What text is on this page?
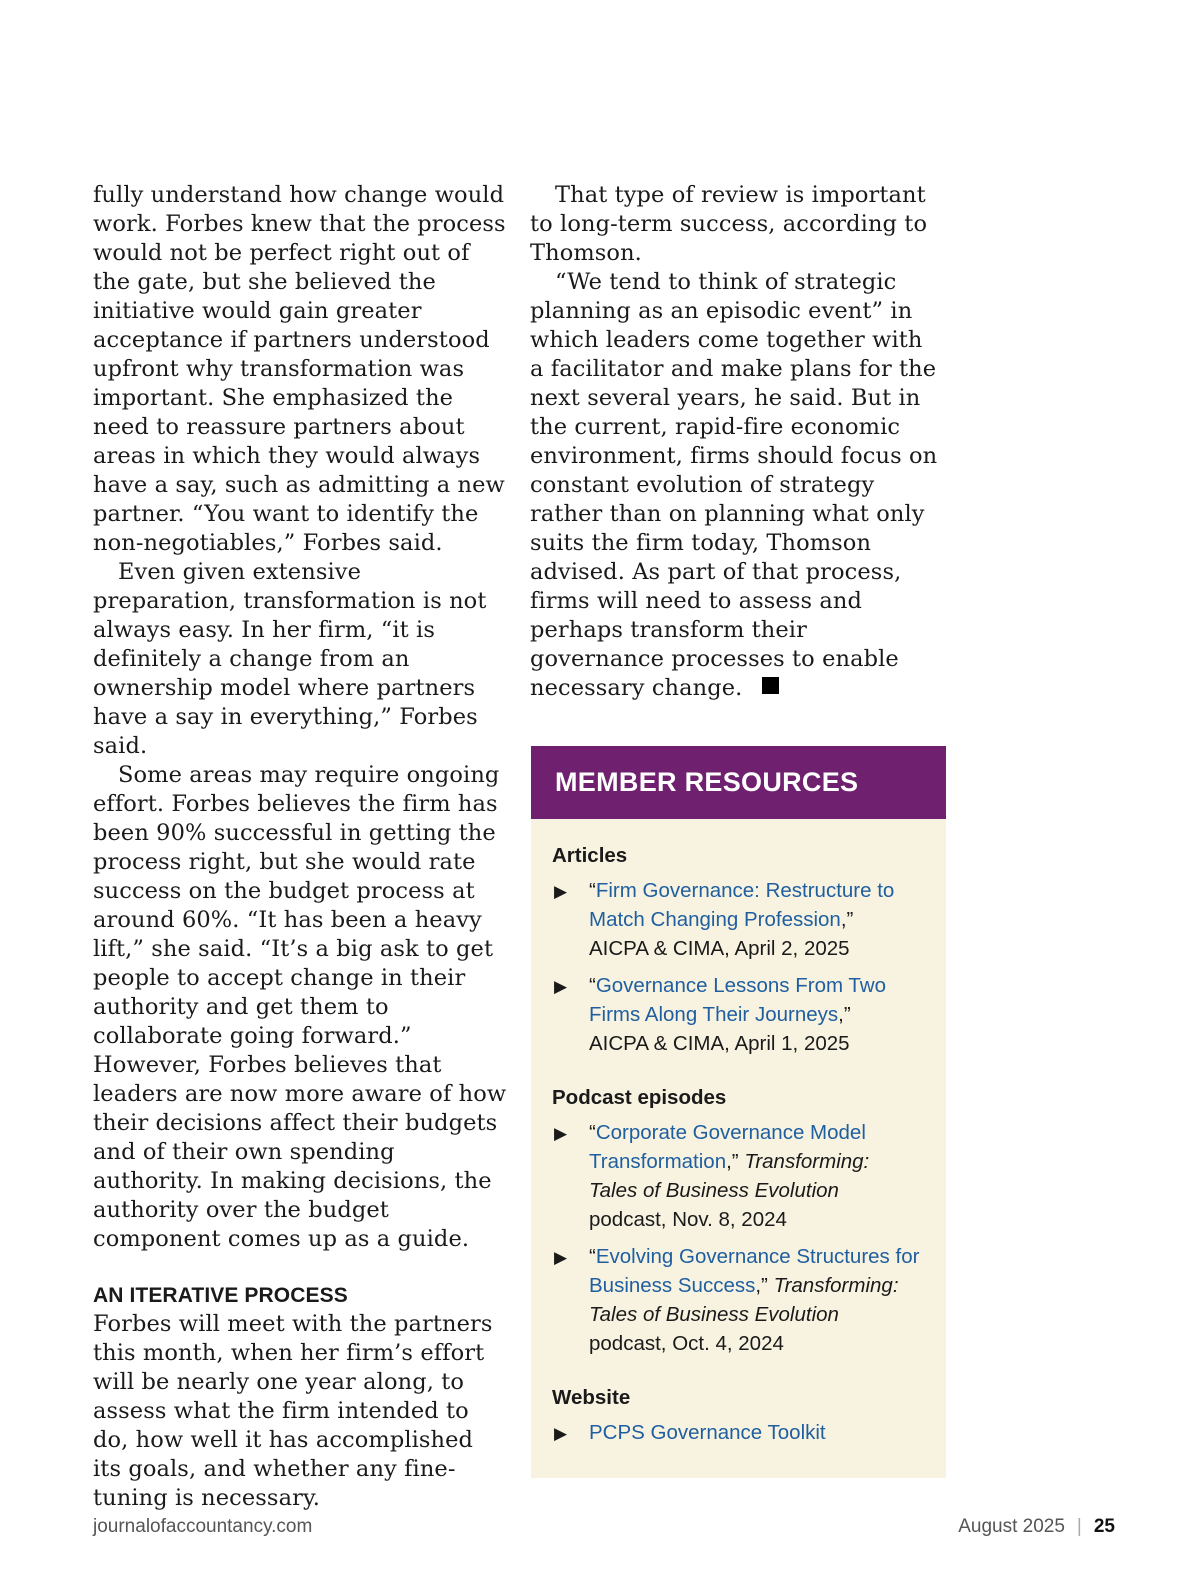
fully understand how change would work. Forbes knew that the process would not be perfect right out of the gate, but she believed the initiative would gain greater acceptance if partners understood upfront why transformation was important. She emphasized the need to reassure partners about areas in which they would always have a say, such as admitting a new partner. “You want to identify the non-negotiables,” Forbes said.

Even given extensive preparation, transformation is not always easy. In her firm, “it is definitely a change from an ownership model where partners have a say in everything,” Forbes said.

Some areas may require ongoing effort. Forbes believes the firm has been 90% successful in getting the process right, but she would rate success on the budget process at around 60%. “It has been a heavy lift,” she said. “It’s a big ask to get people to accept change in their authority and get them to collaborate going forward.” However, Forbes believes that leaders are now more aware of how their decisions affect their budgets and of their own spending authority. In making decisions, the authority over the budget component comes up as a guide.

AN ITERATIVE PROCESS

Forbes will meet with the partners this month, when her firm’s effort will be nearly one year along, to assess what the firm intended to do, how well it has accomplished its goals, and whether any fine-tuning is necessary.

That type of review is important to long-term success, according to Thomson.

“We tend to think of strategic planning as an episodic event” in which leaders come together with a facilitator and make plans for the next several years, he said. But in the current, rapid-fire economic environment, firms should focus on constant evolution of strategy rather than on planning what only suits the firm today, Thomson advised. As part of that process, firms will need to assess and perhaps transform their governance processes to enable necessary change.

MEMBER RESOURCES
Articles
▶ “Firm Governance: Restructure to Match Changing Profession,”
AICPA & CIMA, April 2, 2025
▶ “Governance Lessons From Two Firms Along Their Journeys,”
AICPA & CIMA, April 1, 2025
Podcast episodes
▶ “Corporate Governance Model Transformation,” Transforming: Tales of Business Evolution
podcast, Nov. 8, 2024
▶ “Evolving Governance Structures for Business Success,” Transforming: Tales of Business Evolution podcast, Oct. 4, 2024
Website
▶ PCPS Governance Toolkit
journalofaccountancy.com	August 2025 | 25
